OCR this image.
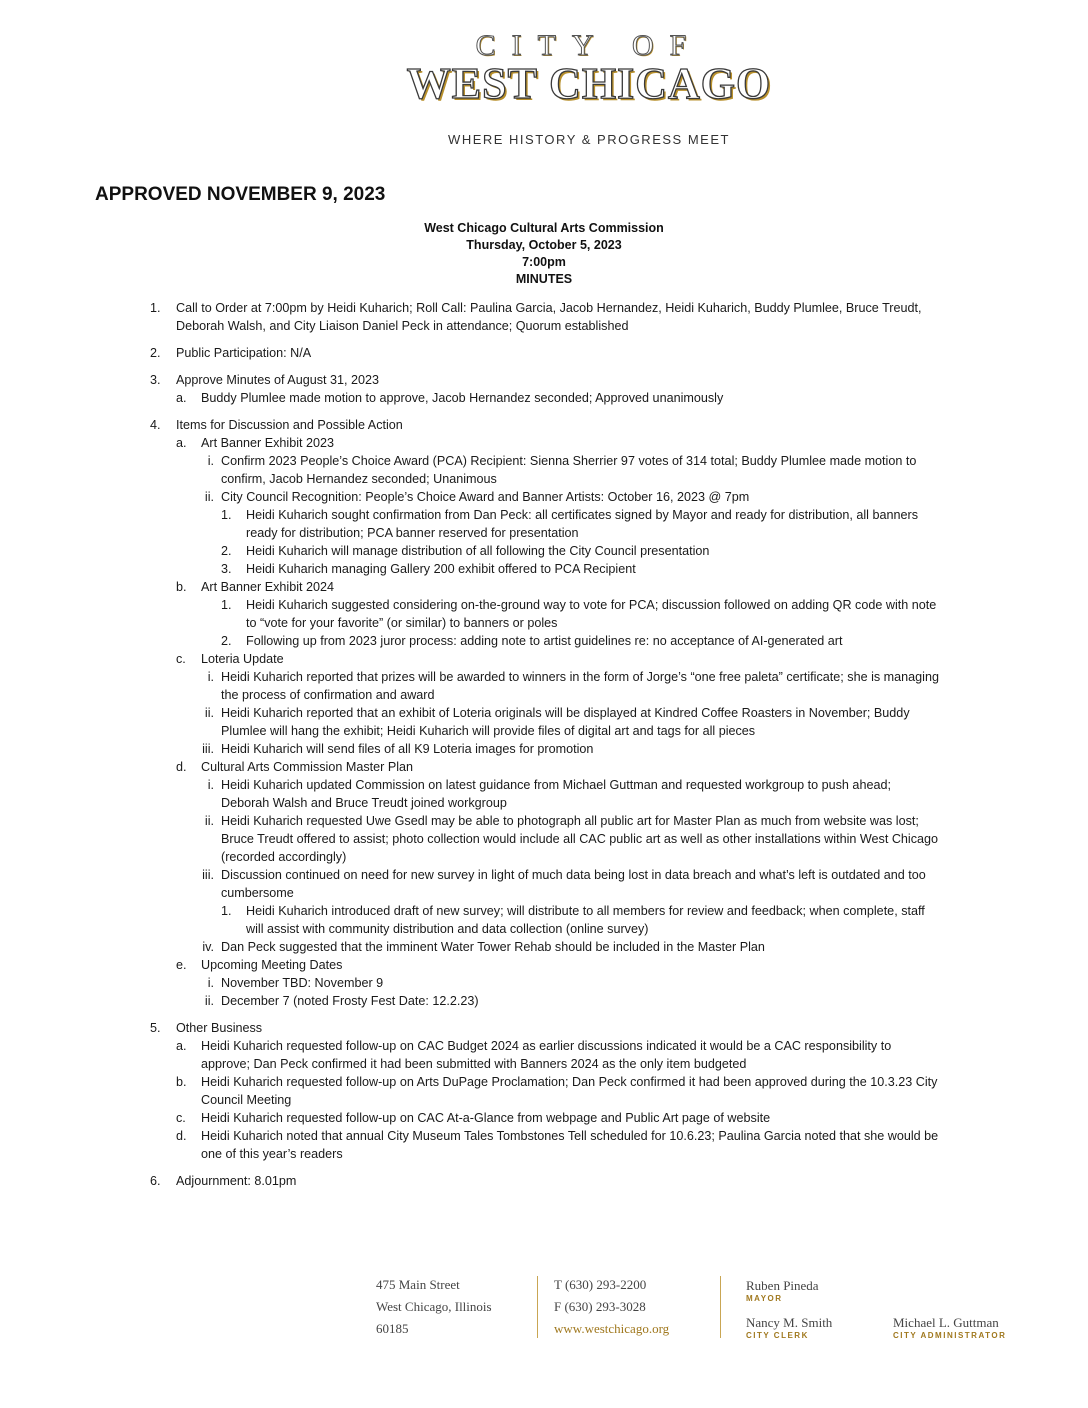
CITY OF
WEST CHICAGO
WHERE HISTORY & PROGRESS MEET
APPROVED NOVEMBER 9, 2023
West Chicago Cultural Arts Commission
Thursday, October 5, 2023
7:00pm
MINUTES
1. Call to Order at 7:00pm by Heidi Kuharich; Roll Call: Paulina Garcia, Jacob Hernandez, Heidi Kuharich, Buddy Plumlee, Bruce Treudt, Deborah Walsh, and City Liaison Daniel Peck in attendance; Quorum established
2. Public Participation: N/A
3. Approve Minutes of August 31, 2023
a. Buddy Plumlee made motion to approve, Jacob Hernandez seconded; Approved unanimously
4. Items for Discussion and Possible Action
a. Art Banner Exhibit 2023
i. Confirm 2023 People’s Choice Award (PCA) Recipient: Sienna Sherrier 97 votes of 314 total; Buddy Plumlee made motion to confirm, Jacob Hernandez seconded; Unanimous
ii. City Council Recognition: People’s Choice Award and Banner Artists: October 16, 2023 @ 7pm
1. Heidi Kuharich sought confirmation from Dan Peck: all certificates signed by Mayor and ready for distribution, all banners ready for distribution; PCA banner reserved for presentation
2. Heidi Kuharich will manage distribution of all following the City Council presentation
3. Heidi Kuharich managing Gallery 200 exhibit offered to PCA Recipient
b. Art Banner Exhibit 2024
1. Heidi Kuharich suggested considering on-the-ground way to vote for PCA; discussion followed on adding QR code with note to “vote for your favorite” (or similar) to banners or poles
2. Following up from 2023 juror process: adding note to artist guidelines re: no acceptance of AI-generated art
c. Loteria Update
i. Heidi Kuharich reported that prizes will be awarded to winners in the form of Jorge’s “one free paleta” certificate; she is managing the process of confirmation and award
ii. Heidi Kuharich reported that an exhibit of Loteria originals will be displayed at Kindred Coffee Roasters in November; Buddy Plumlee will hang the exhibit; Heidi Kuharich will provide files of digital art and tags for all pieces
iii. Heidi Kuharich will send files of all K9 Loteria images for promotion
d. Cultural Arts Commission Master Plan
i. Heidi Kuharich updated Commission on latest guidance from Michael Guttman and requested workgroup to push ahead; Deborah Walsh and Bruce Treudt joined workgroup
ii. Heidi Kuharich requested Uwe Gsedl may be able to photograph all public art for Master Plan as much from website was lost; Bruce Treudt offered to assist; photo collection would include all CAC public art as well as other installations within West Chicago (recorded accordingly)
iii. Discussion continued on need for new survey in light of much data being lost in data breach and what’s left is outdated and too cumbersome
1. Heidi Kuharich introduced draft of new survey; will distribute to all members for review and feedback; when complete, staff will assist with community distribution and data collection (online survey)
iv. Dan Peck suggested that the imminent Water Tower Rehab should be included in the Master Plan
e. Upcoming Meeting Dates
i. November TBD: November 9
ii. December 7 (noted Frosty Fest Date: 12.2.23)
5. Other Business
a. Heidi Kuharich requested follow-up on CAC Budget 2024 as earlier discussions indicated it would be a CAC responsibility to approve; Dan Peck confirmed it had been submitted with Banners 2024 as the only item budgeted
b. Heidi Kuharich requested follow-up on Arts DuPage Proclamation; Dan Peck confirmed it had been approved during the 10.3.23 City Council Meeting
c. Heidi Kuharich requested follow-up on CAC At-a-Glance from webpage and Public Art page of website
d. Heidi Kuharich noted that annual City Museum Tales Tombstones Tell scheduled for 10.6.23; Paulina Garcia noted that she would be one of this year’s readers
6. Adjournment: 8.01pm
475 Main Street
West Chicago, Illinois
60185
T (630) 293-2200
F (630) 293-3028
www.westchicago.org
Ruben Pineda
MAYOR
Nancy M. Smith
CITY CLERK
Michael L. Guttman
CITY ADMINISTRATOR
